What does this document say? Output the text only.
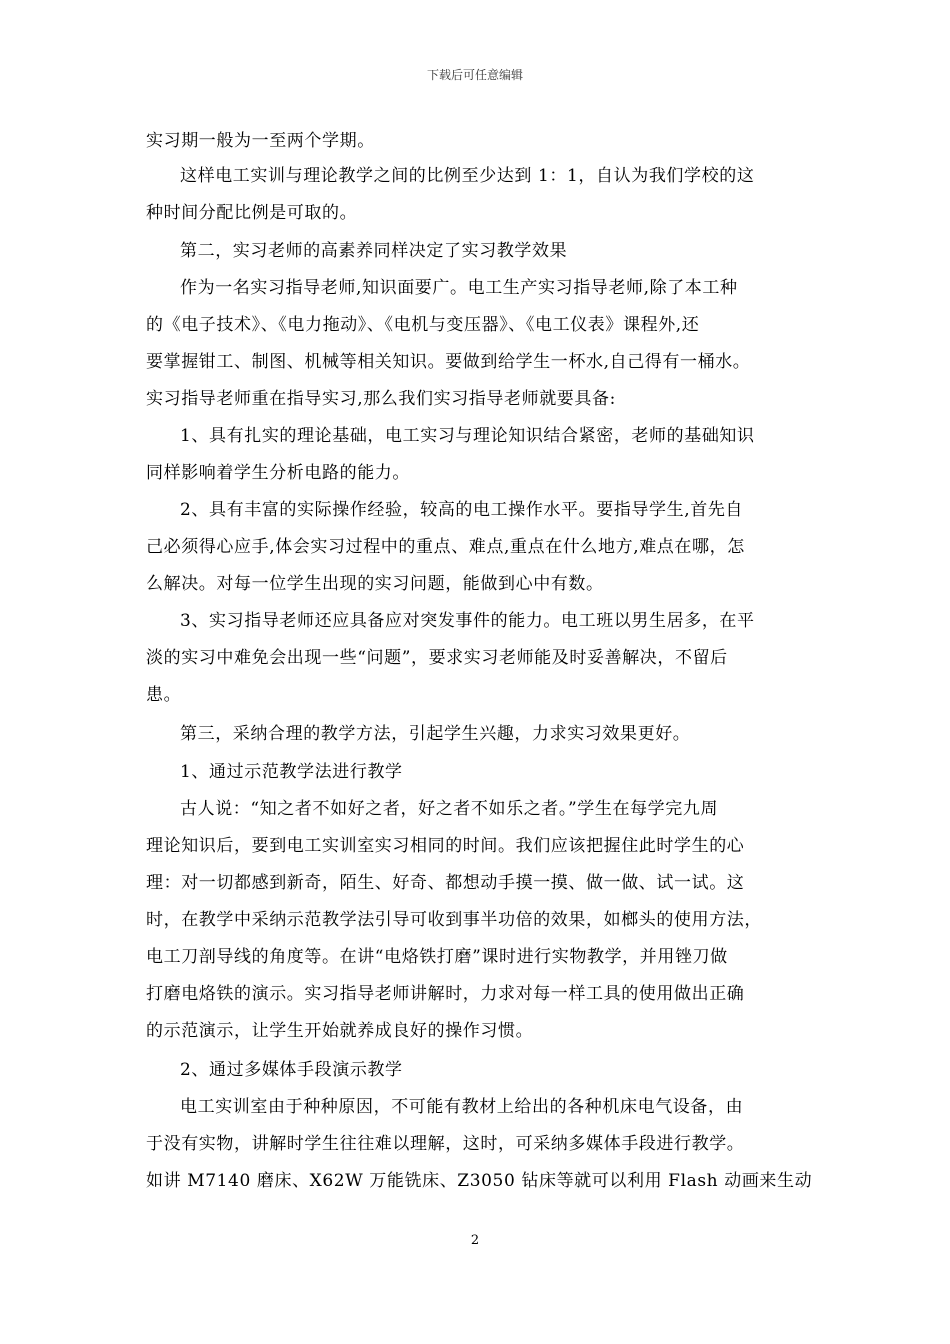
下载后可任意编辑
实习期一般为一至两个学期。
这样电工实训与理论教学之间的比例至少达到 1：1，自认为我们学校的这
种时间分配比例是可取的。
第二，实习老师的高素养同样决定了实习教学效果
作为一名实习指导老师,知识面要广。电工生产实习指导老师,除了本工种
的《电子技术》、《电力拖动》、《电机与变压器》、《电工仪表》课程外,还
要掌握钳工、制图、机械等相关知识。要做到给学生一杯水,自己得有一桶水。
实习指导老师重在指导实习,那么我们实习指导老师就要具备:
1、具有扎实的理论基础，电工实习与理论知识结合紧密，老师的基础知识
同样影响着学生分析电路的能力。
2、具有丰富的实际操作经验，较高的电工操作水平。要指导学生,首先自
己必须得心应手,体会实习过程中的重点、难点,重点在什么地方,难点在哪，怎
么解决。对每一位学生出现的实习问题，能做到心中有数。
3、实习指导老师还应具备应对突发事件的能力。电工班以男生居多，在平
淡的实习中难免会出现一些“问题”，要求实习老师能及时妥善解决，不留后
患。
第三，采纳合理的教学方法，引起学生兴趣，力求实习效果更好。
1、通过示范教学法进行教学
古人说：“知之者不如好之者，好之者不如乐之者。”学生在每学完九周
理论知识后，要到电工实训室实习相同的时间。我们应该把握住此时学生的心
理：对一切都感到新奇，陌生、好奇、都想动手摸一摸、做一做、试一试。这
时，在教学中采纳示范教学法引导可收到事半功倍的效果，如榔头的使用方法，
电工刀剖导线的角度等。在讲“电烙铁打磨”课时进行实物教学，并用锉刀做
打磨电烙铁的演示。实习指导老师讲解时，力求对每一样工具的使用做出正确
的示范演示，让学生开始就养成良好的操作习惯。
2、通过多媒体手段演示教学
电工实训室由于种种原因，不可能有教材上给出的各种机床电气设备，由
于没有实物，讲解时学生往往难以理解，这时，可采纳多媒体手段进行教学。
如讲 M7140 磨床、X62W 万能铣床、Z3050 钻床等就可以利用 Flash 动画来生动
2
